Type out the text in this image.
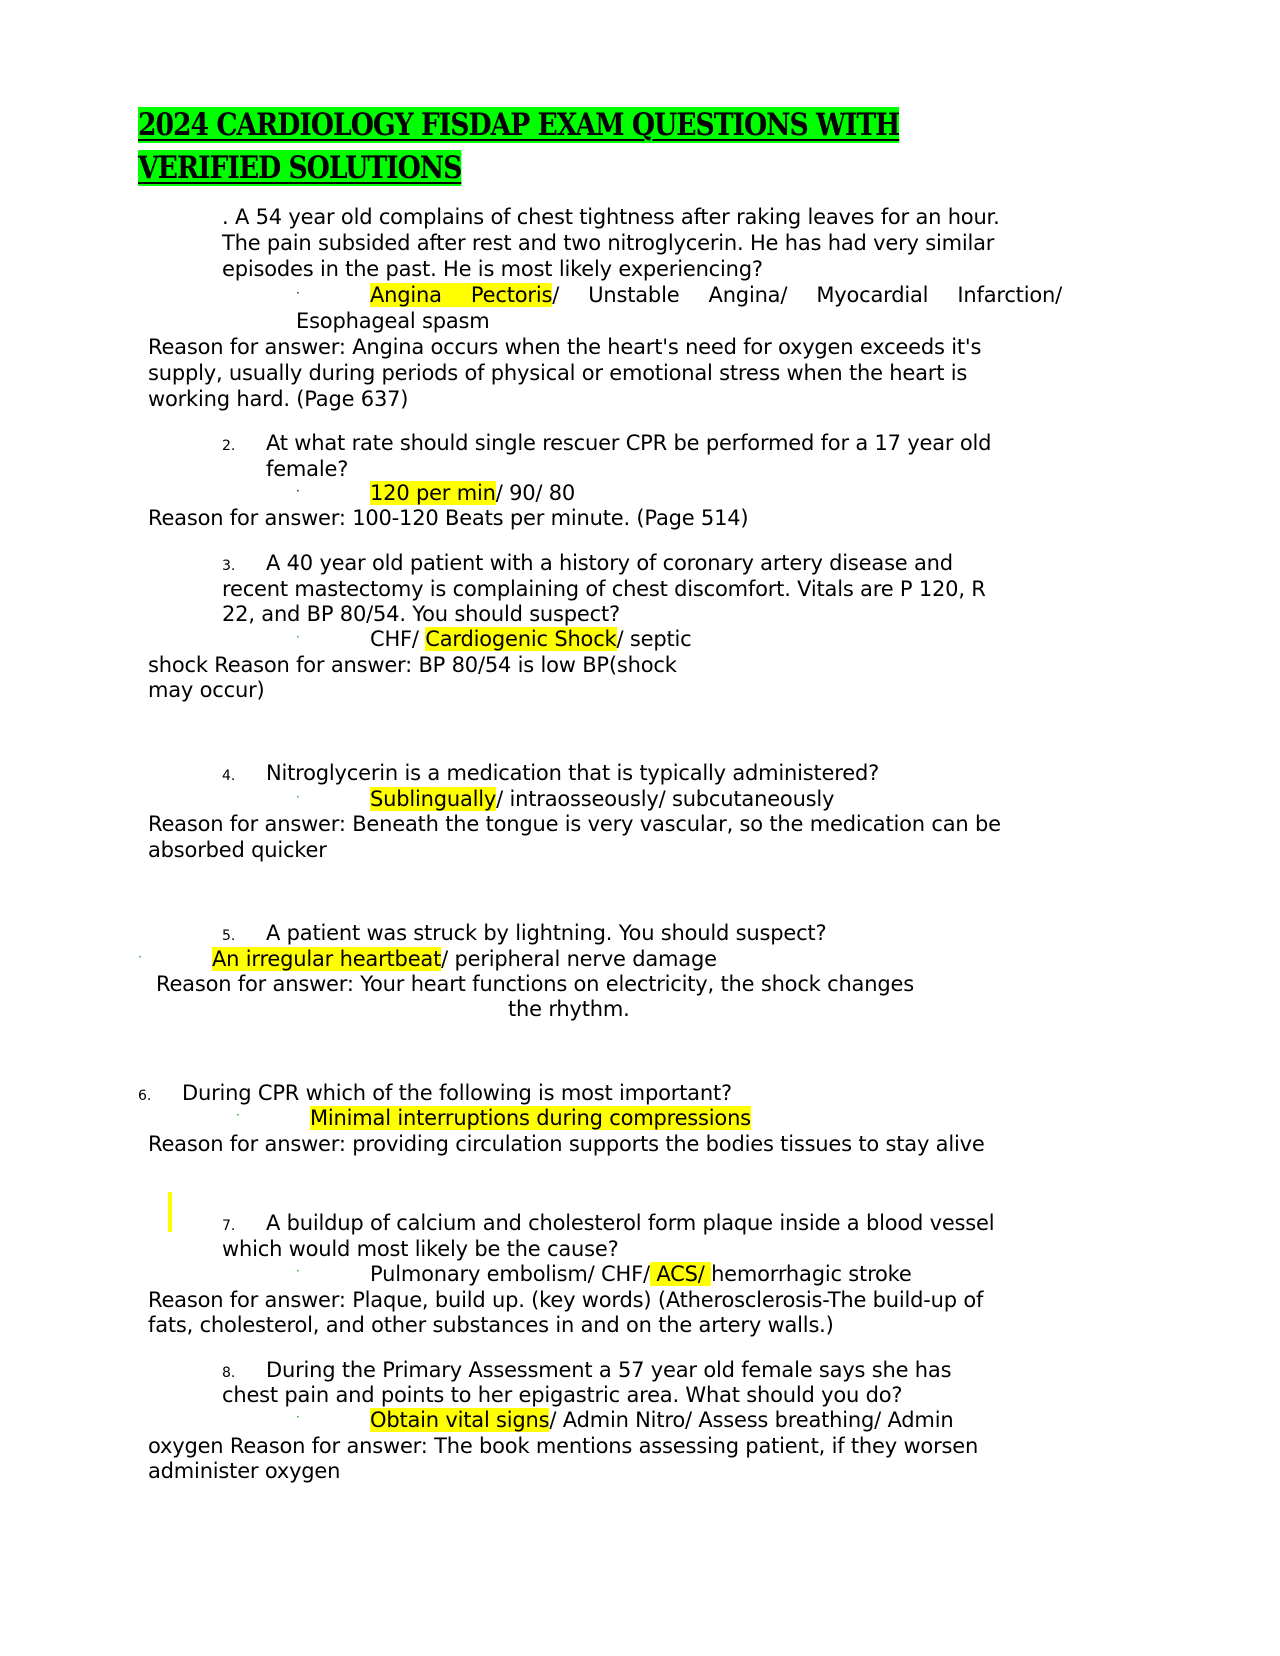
2024 CARDIOLOGY FISDAP EXAM QUESTIONS WITH
VERIFIED SOLUTIONS
. A 54 year old complains of chest tightness after raking leaves for an hour.
The pain subsided after rest and two nitroglycerin. He has had very similar
episodes in the past. He is most likely experiencing?
·	Angina Pectoris/ Unstable Angina/ Myocardial Infarction/
Esophageal spasm
Reason for answer: Angina occurs when the heart's need for oxygen exceeds it's
supply, usually during periods of physical or emotional stress when the heart is
working hard. (Page 637)
2. At what rate should single rescuer CPR be performed for a 17 year old
female?
·	120 per min/ 90/ 80
Reason for answer: 100-120 Beats per minute. (Page 514)
3. A 40 year old patient with a history of coronary artery disease and
recent mastectomy is complaining of chest discomfort. Vitals are P 120, R
22, and BP 80/54. You should suspect?
·	CHF/ Cardiogenic Shock/ septic
shock Reason for answer: BP 80/54 is low BP(shock
may occur)
4. Nitroglycerin is a medication that is typically administered?
·	Sublingually/ intraosseously/ subcutaneously
Reason for answer: Beneath the tongue is very vascular, so the medication can be
absorbed quicker
5. A patient was struck by lightning. You should suspect?
·	An irregular heartbeat/ peripheral nerve damage
Reason for answer: Your heart functions on electricity, the shock changes
the rhythm.
6. During CPR which of the following is most important?
·	Minimal interruptions during compressions
Reason for answer: providing circulation supports the bodies tissues to stay alive
7. A buildup of calcium and cholesterol form plaque inside a blood vessel
which would most likely be the cause?
·	Pulmonary embolism/ CHF/ ACS/ hemorrhagic stroke
Reason for answer: Plaque, build up. (key words) (Atherosclerosis-The build-up of
fats, cholesterol, and other substances in and on the artery walls.)
8. During the Primary Assessment a 57 year old female says she has
chest pain and points to her epigastric area. What should you do?
·	Obtain vital signs/ Admin Nitro/ Assess breathing/ Admin
oxygen Reason for answer: The book mentions assessing patient, if they worsen
administer oxygen
